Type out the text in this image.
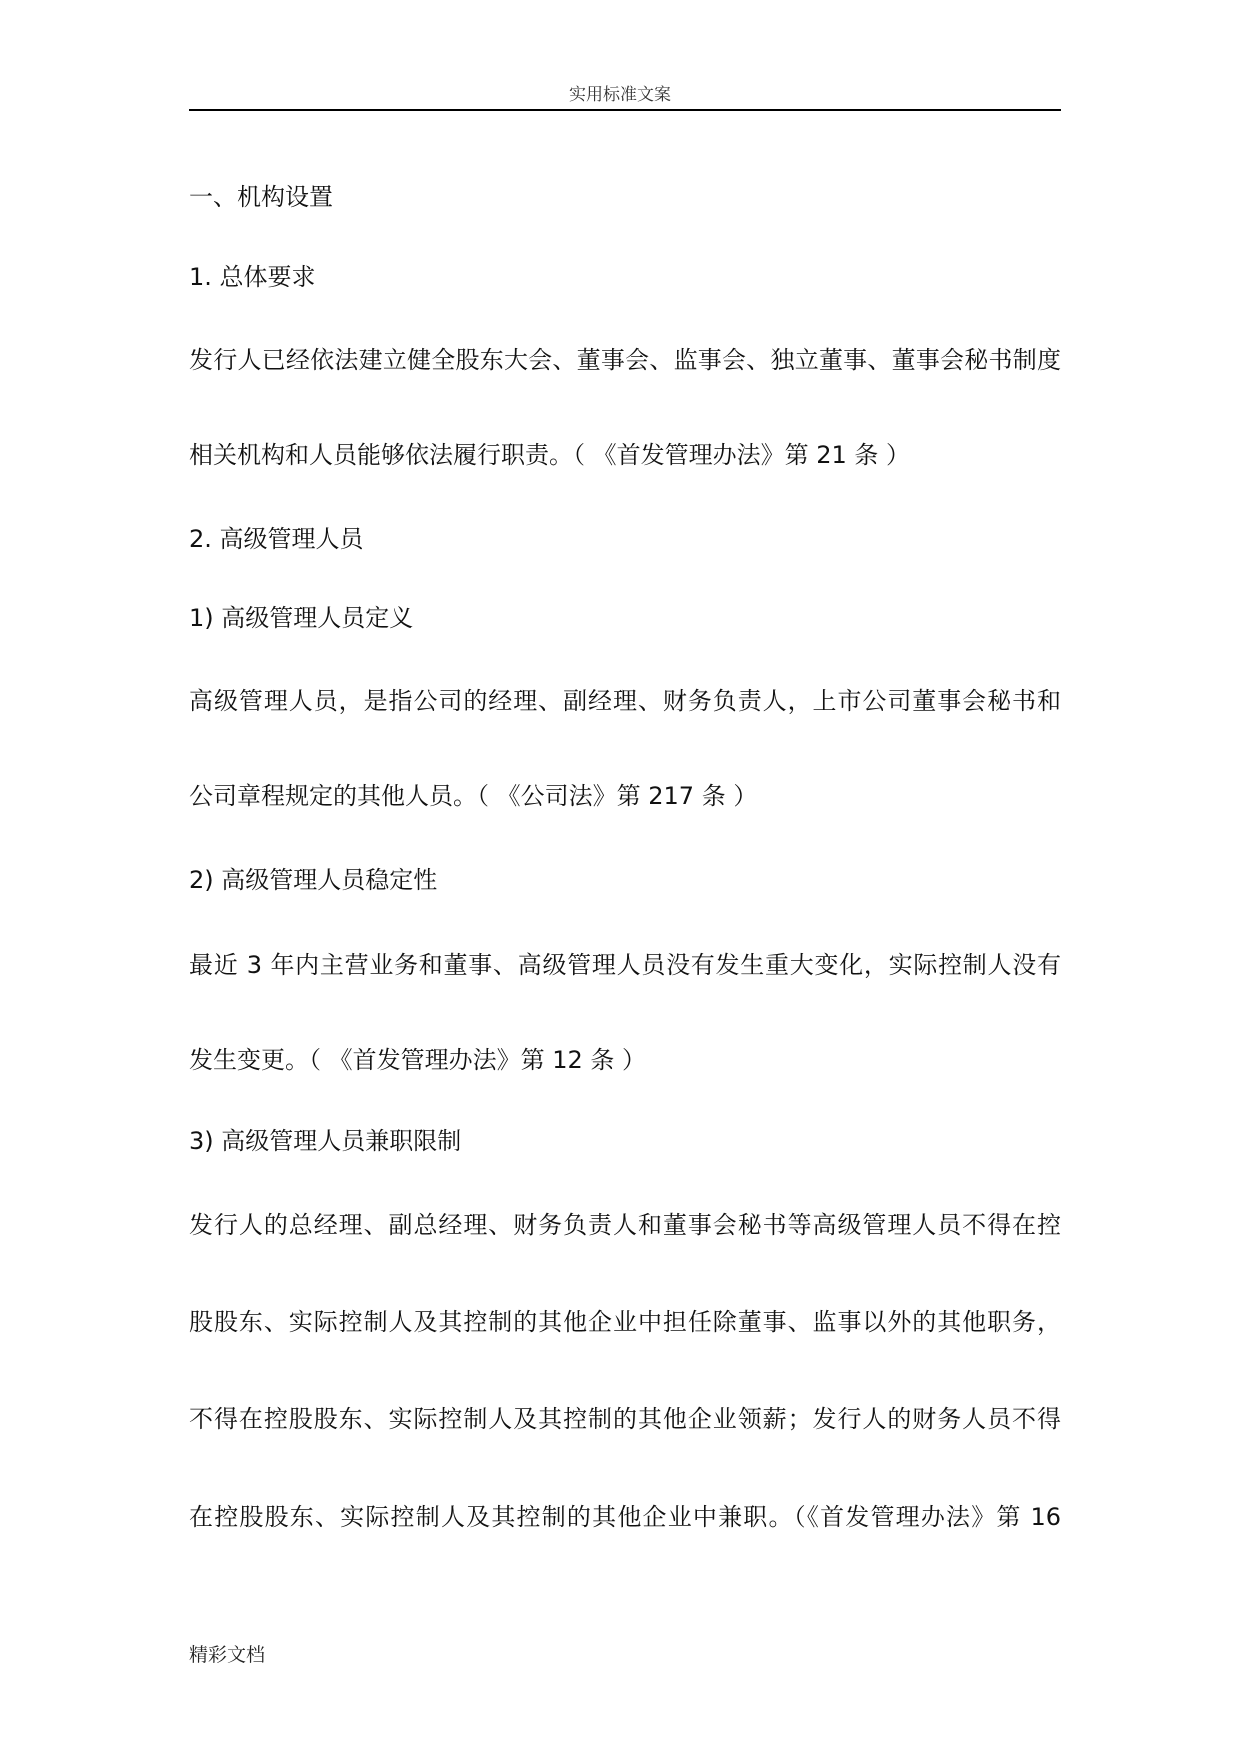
实用标准文案

一、机构设置

1. 总体要求

发行人已经依法建立健全股东大会、董事会、监事会、独立董事、董事会秘书制度

相关机构和人员能够依法履行职责。（ 《首发管理办法》第 21 条 ）

2. 高级管理人员

1) 高级管理人员定义

高级管理人员，是指公司的经理、副经理、财务负责人，上市公司董事会秘书和

公司章程规定的其他人员。（ 《公司法》第 217 条 ）

2) 高级管理人员稳定性

最近 3 年内主营业务和董事、高级管理人员没有发生重大变化，实际控制人没有

发生变更。（ 《首发管理办法》第 12 条 ）

3) 高级管理人员兼职限制

发行人的总经理、副总经理、财务负责人和董事会秘书等高级管理人员不得在控

股股东、实际控制人及其控制的其他企业中担任除董事、监事以外的其他职务，

不得在控股股东、实际控制人及其控制的其他企业领薪；发行人的财务人员不得

在控股股东、实际控制人及其控制的其他企业中兼职。（《首发管理办法》第 16

精彩文档
